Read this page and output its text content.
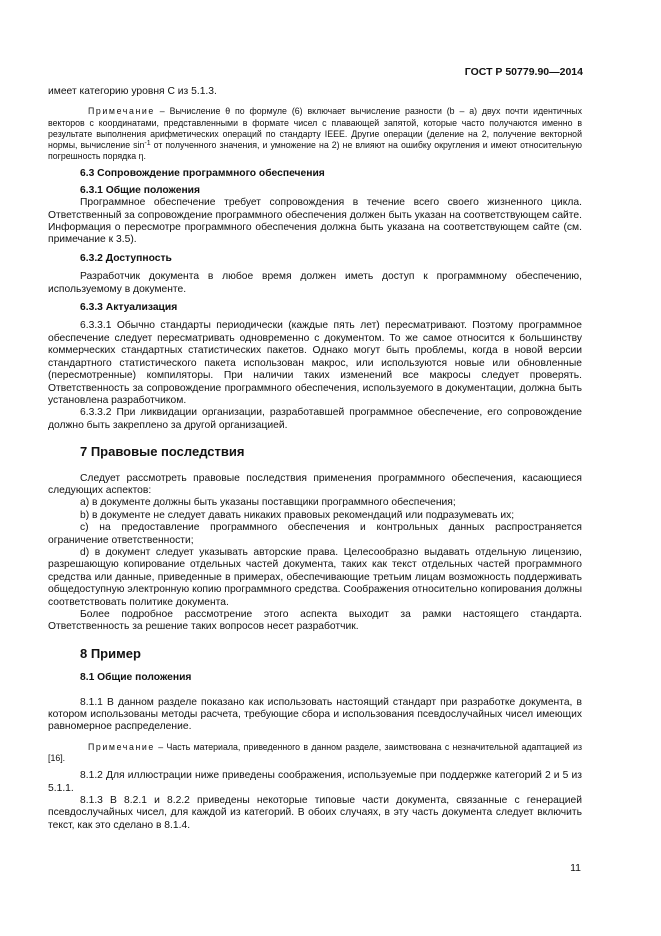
ГОСТ Р 50779.90—2014

имеет категорию уровня С из 5.1.3.

Примечание – Вычисление θ по формуле (6) включает вычисление разности (b – a) двух почти идентичных векторов с координатами, представленными в формате чисел с плавающей запятой, которые часто получаются именно в результате выполнения арифметических операций по стандарту IEEE. Другие операции (деление на 2, получение векторной нормы, вычисление $\sin^{-1}$ от полученного значения, и умножение на 2) не влияют на ошибку округления и имеют относительную погрешность порядка η.

6.3 Сопровождение программного обеспечения

6.3.1 Общие положения

Программное обеспечение требует сопровождения в течение всего своего жизненного цикла. Ответственный за сопровождение программного обеспечения должен быть указан на соответствующем сайте. Информация о пересмотре программного обеспечения должна быть указана на соответствующем сайте (см. примечание к 3.5).

6.3.2 Доступность

Разработчик документа в любое время должен иметь доступ к программному обеспечению, используемому в документе.

6.3.3 Актуализация

6.3.3.1 Обычно стандарты периодически (каждые пять лет) пересматривают. Поэтому программное обеспечение следует пересматривать одновременно с документом. То же самое относится к большинству коммерческих стандартных статистических пакетов. Однако могут быть проблемы, когда в новой версии стандартного статистического пакета использован макрос, или используются новые или обновленные (пересмотренные) компиляторы. При наличии таких изменений все макросы следует проверять. Ответственность за сопровождение программного обеспечения, используемого в документации, должна быть установлена разработчиком.

6.3.3.2 При ликвидации организации, разработавшей программное обеспечение, его сопровождение должно быть закреплено за другой организацией.

7 Правовые последствия

Следует рассмотреть правовые последствия применения программного обеспечения, касающиеся следующих аспектов:

a) в документе должны быть указаны поставщики программного обеспечения;

b) в документе не следует давать никаких правовых рекомендаций или подразумевать их;

c) на предоставление программного обеспечения и контрольных данных распространяется ограничение ответственности;

d) в документ следует указывать авторские права. Целесообразно выдавать отдельную лицензию, разрешающую копирование отдельных частей документа, таких как текст отдельных частей программного средства или данные, приведенные в примерах, обеспечивающие третьим лицам возможность поддерживать общедоступную электронную копию программного средства. Соображения относительно копирования должны соответствовать политике документа.

Более подробное рассмотрение этого аспекта выходит за рамки настоящего стандарта. Ответственность за решение таких вопросов несет разработчик.

8 Пример

8.1 Общие положения

8.1.1 В данном разделе показано как использовать настоящий стандарт при разработке документа, в котором использованы методы расчета, требующие сбора и использования псевдослучайных чисел имеющих равномерное распределение.

Примечание – Часть материала, приведенного в данном разделе, заимствована с незначительной адаптацией из [16].

8.1.2 Для иллюстрации ниже приведены соображения, используемые при поддержке категорий 2 и 5 из 5.1.1.

8.1.3 В 8.2.1 и 8.2.2 приведены некоторые типовые части документа, связанные с генерацией псевдослучайных чисел, для каждой из категорий. В обоих случаях, в эту часть документа следует включить текст, как это сделано в 8.1.4.

11
